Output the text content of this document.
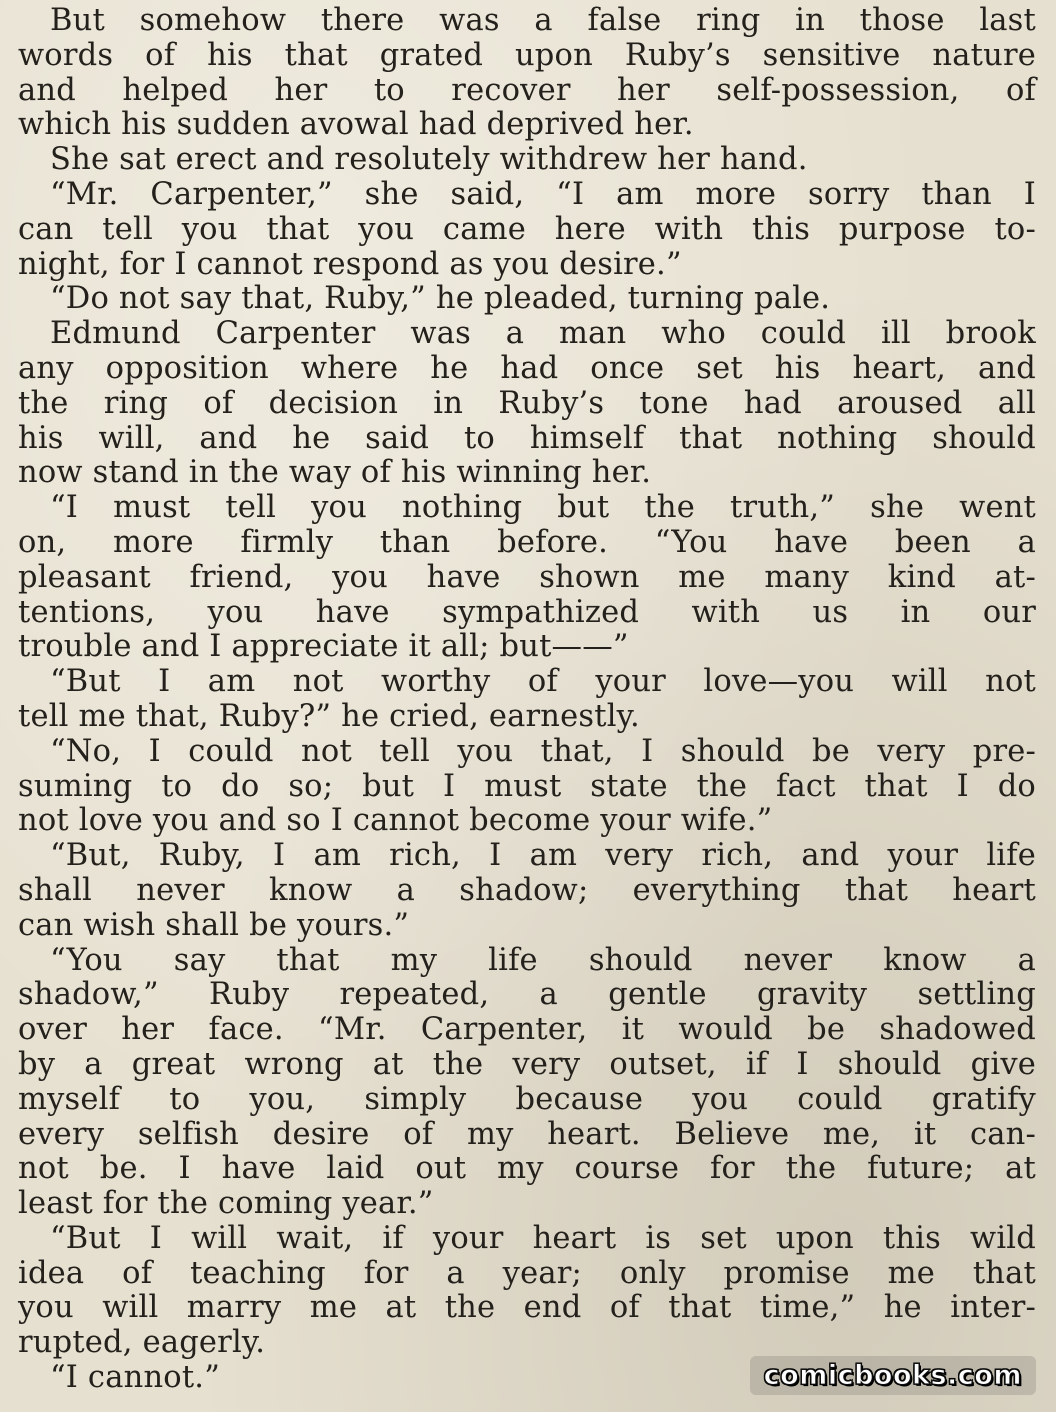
But somehow there was a false ring in those last
words of his that grated upon Ruby’s sensitive nature
and helped her to recover her self-possession, of
which his sudden avowal had deprived her.
She sat erect and resolutely withdrew her hand.
“Mr. Carpenter,” she said, “I am more sorry than I
can tell you that you came here with this purpose to-
night, for I cannot respond as you desire.”
“Do not say that, Ruby,” he pleaded, turning pale.
Edmund Carpenter was a man who could ill brook
any opposition where he had once set his heart, and
the ring of decision in Ruby’s tone had aroused all
his will, and he said to himself that nothing should
now stand in the way of his winning her.
“I must tell you nothing but the truth,” she went
on, more firmly than before. “You have been a
pleasant friend, you have shown me many kind at-
tentions, you have sympathized with us in our
trouble and I appreciate it all; but——”
“But I am not worthy of your love—you will not
tell me that, Ruby?” he cried, earnestly.
“No, I could not tell you that, I should be very pre-
suming to do so; but I must state the fact that I do
not love you and so I cannot become your wife.”
“But, Ruby, I am rich, I am very rich, and your life
shall never know a shadow; everything that heart
can wish shall be yours.”
“You say that my life should never know a
shadow,” Ruby repeated, a gentle gravity settling
over her face. “Mr. Carpenter, it would be shadowed
by a great wrong at the very outset, if I should give
myself to you, simply because you could gratify
every selfish desire of my heart. Believe me, it can-
not be. I have laid out my course for the future; at
least for the coming year.”
“But I will wait, if your heart is set upon this wild
idea of teaching for a year; only promise me that
you will marry me at the end of that time,” he inter-
rupted, eagerly.
“I cannot.”	comicbooks.com
